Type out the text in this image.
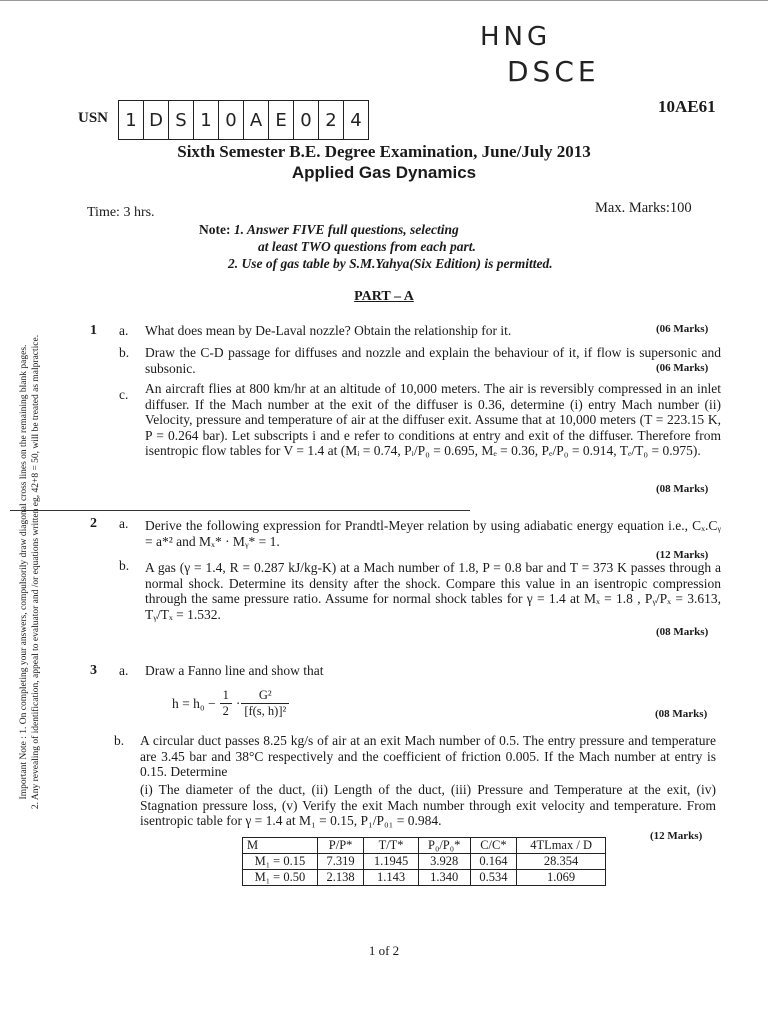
HNG
DSCE
USN 1 D S 1 0 A E 0 2 4
10AE61
Sixth Semester B.E. Degree Examination, June/July 2013
Applied Gas Dynamics
Time: 3 hrs.	Max. Marks:100
Note: 1. Answer FIVE full questions, selecting
at least TWO questions from each part.
2. Use of gas table by S.M.Yahya(Six Edition) is permitted.
Important Note : 1. On completing your answers, compulsorily draw diagonal cross lines on the remaining blank pages. 2. Any revealing of identification, appeal to evaluator and /or equations written eg, 42+8 = 50, will be treated as malpractice.
PART – A
1 a. What does mean by De-Laval nozzle? Obtain the relationship for it.	(06 Marks)
b. Draw the C-D passage for diffuses and nozzle and explain the behaviour of it, if flow is supersonic and subsonic.	(06 Marks)
c. An aircraft flies at 800 km/hr at an altitude of 10,000 meters. The air is reversibly compressed in an inlet diffuser. If the Mach number at the exit of the diffuser is 0.36, determine (i) entry Mach number (ii) Velocity, pressure and temperature of air at the diffuser exit. Assume that at 10,000 meters (T = 223.15 K, P = 0.264 bar). Let subscripts i and e refer to conditions at entry and exit of the diffuser. Therefore from isentropic flow tables for V = 1.4 at (Mᵢ = 0.74, Pᵢ/P₀ = 0.695, Mₑ = 0.36, Pₑ/P₀ = 0.914, Tₑ/T₀ = 0.975).
(08 Marks)
2 a. Derive the following expression for Prandtl-Meyer relation by using adiabatic energy equation i.e., Cₓ.Cᵧ = a*² and Mₓ* · Mᵧ* = 1.
(12 Marks)
b. A gas (γ = 1.4, R = 0.287 kJ/kg-K) at a Mach number of 1.8, P = 0.8 bar and T = 373 K passes through a normal shock. Determine its density after the shock. Compare this value in an isentropic compression through the same pressure ratio. Assume for normal shock tables for γ = 1.4 at Mₓ = 1.8 , Pᵧ/Pₓ = 3.613, Tᵧ/Tₓ = 1.532.
(08 Marks)
3 a. Draw a Fanno line and show that
$h = h_0 - \frac{1}{2} \cdot \frac{\text{G²}}{\text{[f(s, h)]²}}$	(08 Marks)
b. A circular duct passes 8.25 kg/s of air at an exit Mach number of 0.5. The entry pressure and temperature are 3.45 bar and 38°C respectively and the coefficient of friction 0.005. If the Mach number at entry is 0.15. Determine
(i) The diameter of the duct, (ii) Length of the duct, (iii) Pressure and Temperature at the exit, (iv) Stagnation pressure loss, (v) Verify the exit Mach number through exit velocity and temperature. From isentropic table for γ = 1.4 at M₁ = 0.15, P₁/P₀₁ = 0.984.
(12 Marks)
M	P/P*	T/T*	P₀/P₀*	C/C*	4TLmax / D
M₁ = 0.15	7.319	1.1945	3.928	0.164	28.354
M₁ = 0.50	2.138	1.143	1.340	0.534	1.069
1 of 2
